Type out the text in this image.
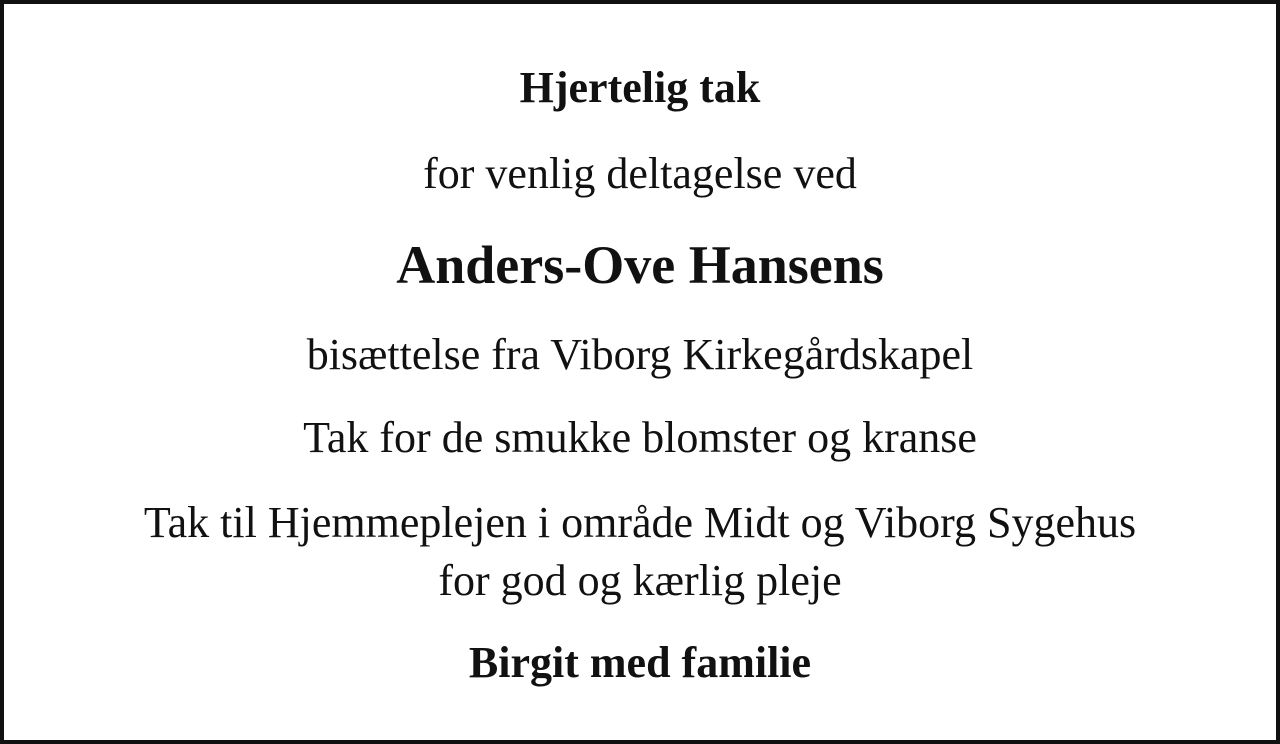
Hjertelig tak
for venlig deltagelse ved
Anders-Ove Hansens
bisættelse fra Viborg Kirkegårdskapel
Tak for de smukke blomster og kranse
Tak til Hjemmeplejen i område Midt og Viborg Sygehus
for god og kærlig pleje
Birgit med familie
